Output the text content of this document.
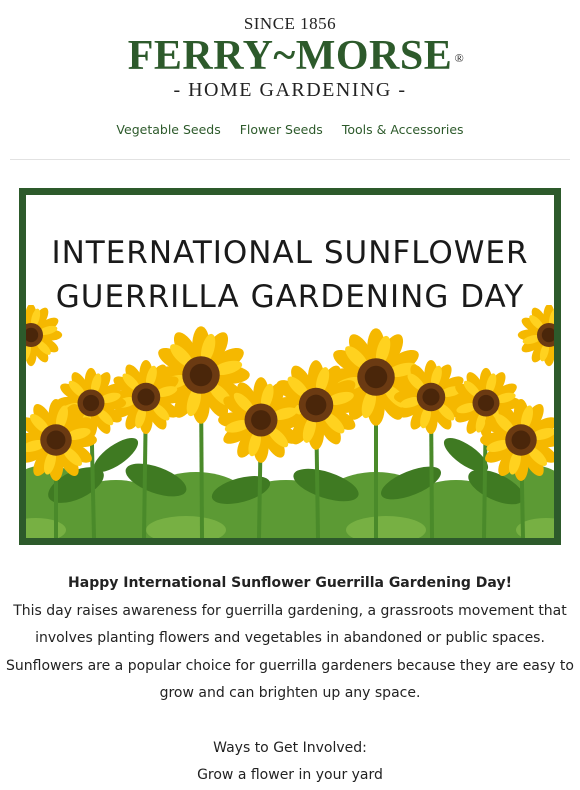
SINCE 1856
FERRY~MORSE ®
- HOME GARDENING -
Vegetable Seeds Flower Seeds Tools & Accessories
INTERNATIONAL SUNFLOWER
GUERRILLA GARDENING DAY
Happy International Sunflower Guerrilla Gardening Day!

This day raises awareness for guerrilla gardening, a grassroots movement that involves planting flowers and vegetables in abandoned or public spaces. Sunflowers are a popular choice for guerrilla gardeners because they are easy to grow and can brighten up any space.

Ways to Get Involved:
Grow a flower in your yard
